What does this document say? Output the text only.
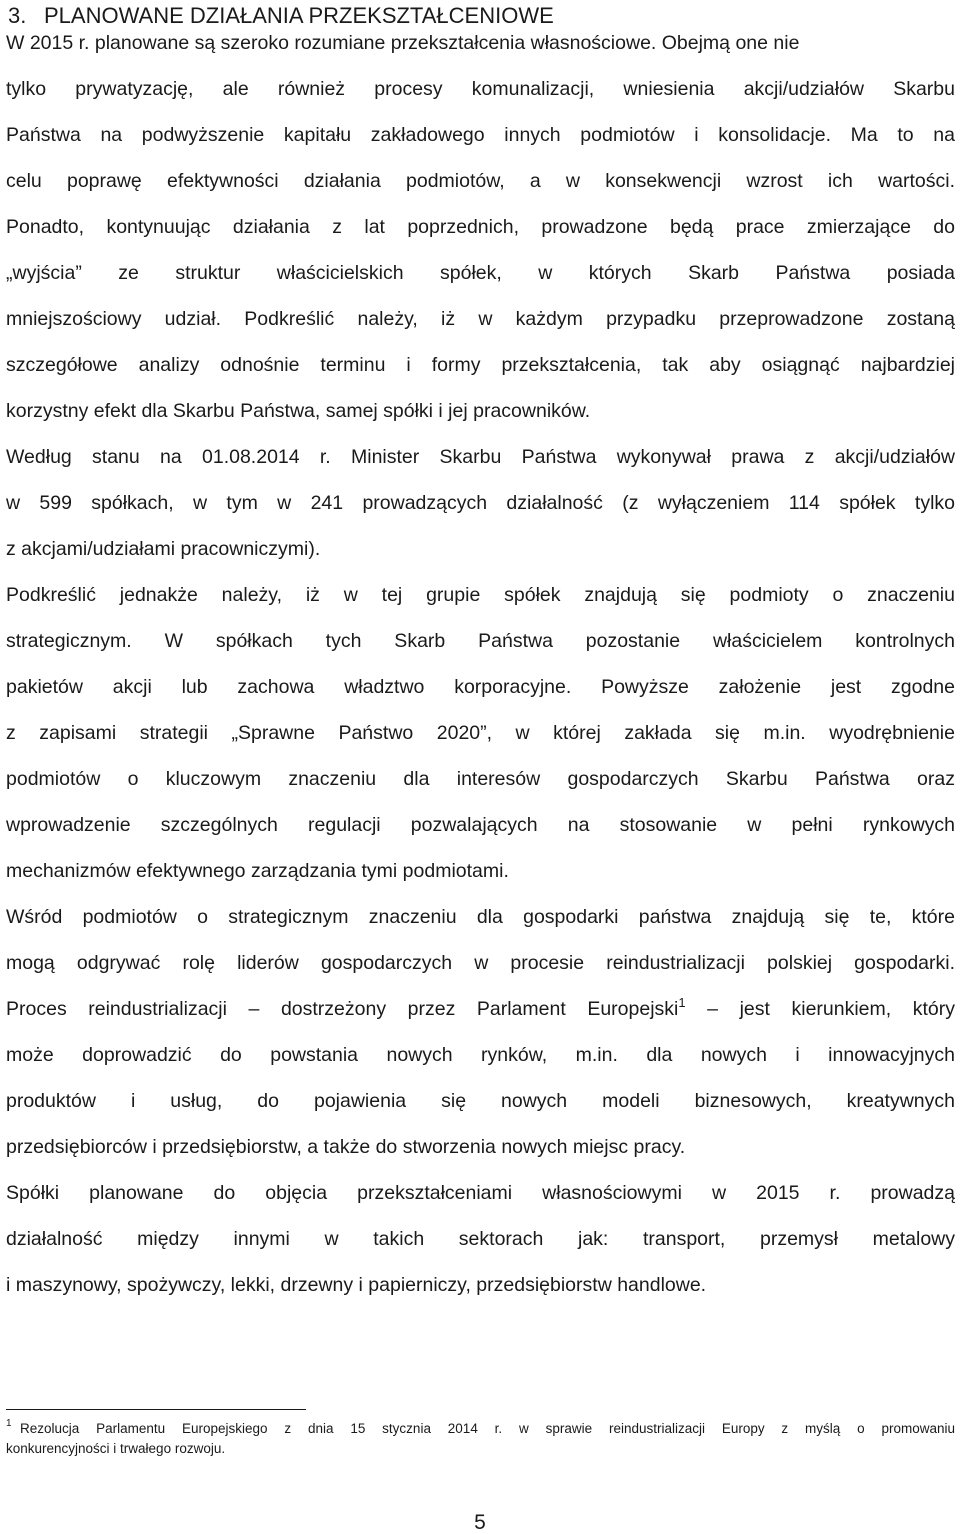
3. PLANOWANE DZIAŁANIA PRZEKSZTAŁCENIOWE
W 2015 r. planowane są szeroko rozumiane przekształcenia własnościowe. Obejmą one nie
tylko prywatyzację, ale również procesy komunalizacji, wniesienia akcji/udziałów Skarbu
Państwa na podwyższenie kapitału zakładowego innych podmiotów i konsolidacje. Ma to na
celu poprawę efektywności działania podmiotów, a w konsekwencji wzrost ich wartości.
Ponadto, kontynuując działania z lat poprzednich, prowadzone będą prace zmierzające do
„wyjścia” ze struktur właścicielskich spółek, w których Skarb Państwa posiada
mniejszościowy udział. Podkreślić należy, iż w każdym przypadku przeprowadzone zostaną
szczegółowe analizy odnośnie terminu i formy przekształcenia, tak aby osiągnąć najbardziej
korzystny efekt dla Skarbu Państwa, samej spółki i jej pracowników.
Według stanu na 01.08.2014 r. Minister Skarbu Państwa wykonywał prawa z akcji/udziałów
w 599 spółkach, w tym w 241 prowadzących działalność (z wyłączeniem 114 spółek tylko
z akcjami/udziałami pracowniczymi).
Podkreślić jednakże należy, iż w tej grupie spółek znajdują się podmioty o znaczeniu
strategicznym. W spółkach tych Skarb Państwa pozostanie właścicielem kontrolnych
pakietów akcji lub zachowa władztwo korporacyjne. Powyższe założenie jest zgodne
z zapisami strategii „Sprawne Państwo 2020”, w której zakłada się m.in. wyodrębnienie
podmiotów o kluczowym znaczeniu dla interesów gospodarczych Skarbu Państwa oraz
wprowadzenie szczególnych regulacji pozwalających na stosowanie w pełni rynkowych
mechanizmów efektywnego zarządzania tymi podmiotami.
Wśród podmiotów o strategicznym znaczeniu dla gospodarki państwa znajdują się te, które
mogą odgrywać rolę liderów gospodarczych w procesie reindustrializacji polskiej gospodarki.
Proces reindustrializacji – dostrzeżony przez Parlament Europejski$^1$ – jest kierunkiem, który
może doprowadzić do powstania nowych rynków, m.in. dla nowych i innowacyjnych
produktów i usług, do pojawienia się nowych modeli biznesowych, kreatywnych
przedsiębiorców i przedsiębiorstw, a także do stworzenia nowych miejsc pracy.
Spółki planowane do objęcia przekształceniami własnościowymi w 2015 r. prowadzą
działalność między innymi w takich sektorach jak: transport, przemysł metalowy
i maszynowy, spożywczy, lekki, drzewny i papierniczy, przedsiębiorstw handlowe.
1 Rezolucja Parlamentu Europejskiego z dnia 15 stycznia 2014 r. w sprawie reindustrializacji Europy z myślą o promowaniu
konkurencyjności i trwałego rozwoju.
5
